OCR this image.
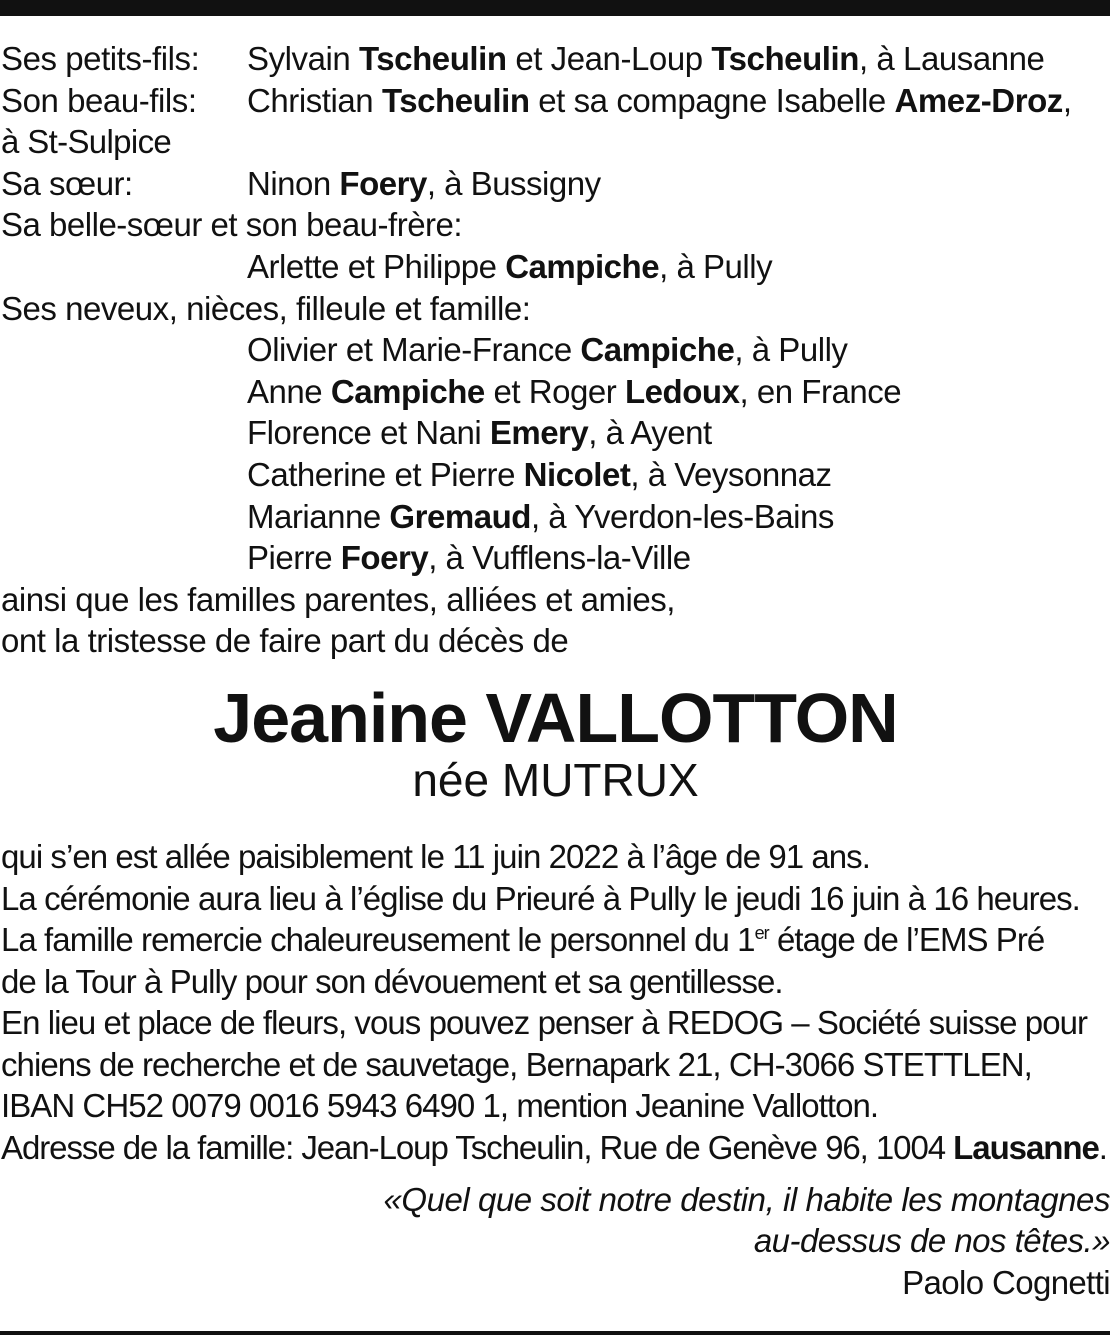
Ses petits-fils:	Sylvain Tscheulin et Jean-Loup Tscheulin, à Lausanne
Son beau-fils:	Christian Tscheulin et sa compagne Isabelle Amez-Droz,
à St-Sulpice
Sa sœur:	Ninon Foery, à Bussigny
Sa belle-sœur et son beau-frère:
Arlette et Philippe Campiche, à Pully
Ses neveux, nièces, filleule et famille:
Olivier et Marie-France Campiche, à Pully
Anne Campiche et Roger Ledoux, en France
Florence et Nani Emery, à Ayent
Catherine et Pierre Nicolet, à Veysonnaz
Marianne Gremaud, à Yverdon-les-Bains
Pierre Foery, à Vufflens-la-Ville
ainsi que les familles parentes, alliées et amies,
ont la tristesse de faire part du décès de
Jeanine VALLOTTON
née MUTRUX
qui s’en est allée paisiblement le 11 juin 2022 à l’âge de 91 ans.
La cérémonie aura lieu à l’église du Prieuré à Pully le jeudi 16 juin à 16 heures.
La famille remercie chaleureusement le personnel du 1er étage de l’EMS Pré
de la Tour à Pully pour son dévouement et sa gentillesse.
En lieu et place de fleurs, vous pouvez penser à REDOG – Société suisse pour
chiens de recherche et de sauvetage, Bernapark 21, CH-3066 STETTLEN,
IBAN CH52 0079 0016 5943 6490 1, mention Jeanine Vallotton.
Adresse de la famille: Jean-Loup Tscheulin, Rue de Genève 96, 1004 Lausanne.
«Quel que soit notre destin, il habite les montagnes
au-dessus de nos têtes.»
Paolo Cognetti
